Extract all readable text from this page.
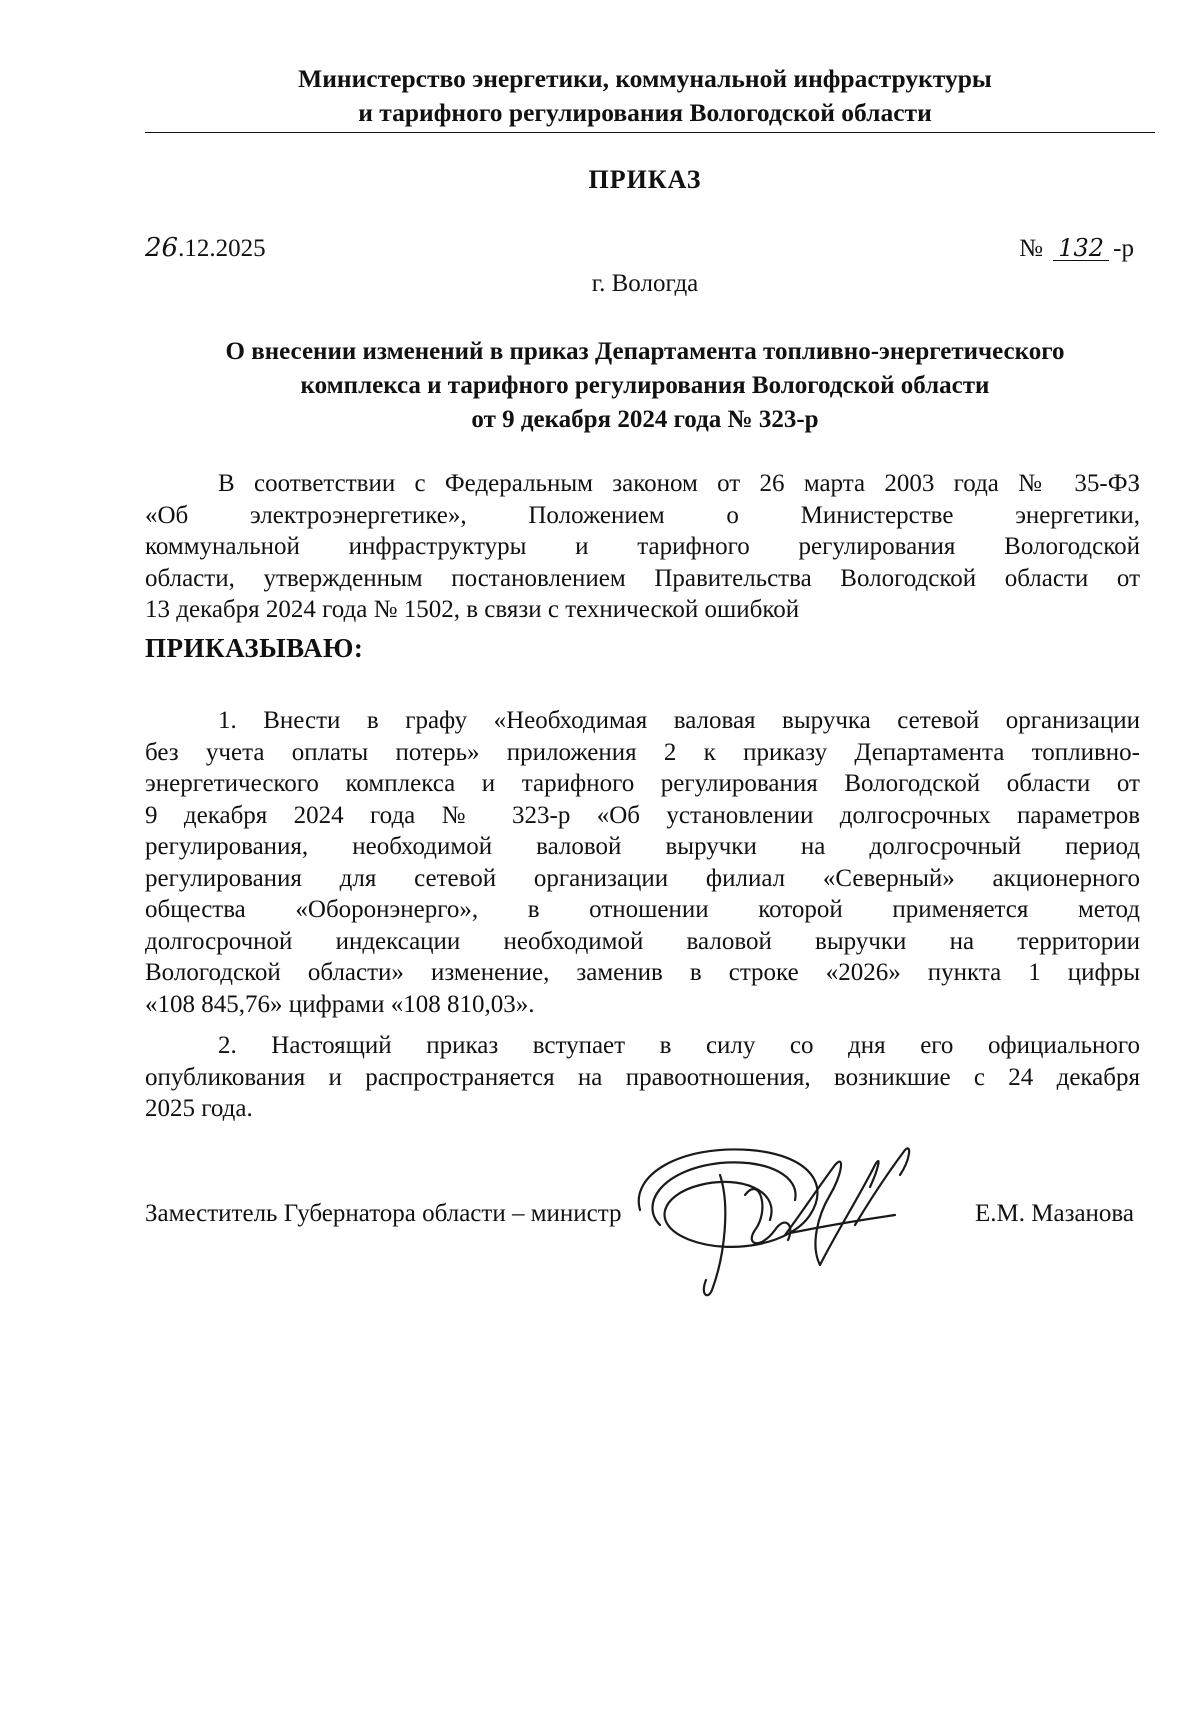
Министерство энергетики, коммунальной инфраструктуры
и тарифного регулирования Вологодской области
ПРИКАЗ
26.12.2025	№ 132 -р
г. Вологда
О внесении изменений в приказ Департамента топливно-энергетического
комплекса и тарифного регулирования Вологодской области
от 9 декабря 2024 года № 323-р
В соответствии с Федеральным законом от 26 марта 2003 года № 35-ФЗ
«Об электроэнергетике», Положением о Министерстве энергетики,
коммунальной инфраструктуры и тарифного регулирования Вологодской
области, утвержденным постановлением Правительства Вологодской области от
13 декабря 2024 года № 1502, в связи с технической ошибкой
ПРИКАЗЫВАЮ:
1. Внести в графу «Необходимая валовая выручка сетевой организации
без учета оплаты потерь» приложения 2 к приказу Департамента топливно-
энергетического комплекса и тарифного регулирования Вологодской области от
9 декабря 2024 года № 323-р «Об установлении долгосрочных параметров
регулирования, необходимой валовой выручки на долгосрочный период
регулирования для сетевой организации филиал «Северный» акционерного
общества «Оборонэнерго», в отношении которой применяется метод
долгосрочной индексации необходимой валовой выручки на территории
Вологодской области» изменение, заменив в строке «2026» пункта 1 цифры
«108 845,76» цифрами «108 810,03».
2. Настоящий приказ вступает в силу со дня его официального
опубликования и распространяется на правоотношения, возникшие с 24 декабря
2025 года.
Заместитель Губернатора области – министр	Е.М. Мазанова
